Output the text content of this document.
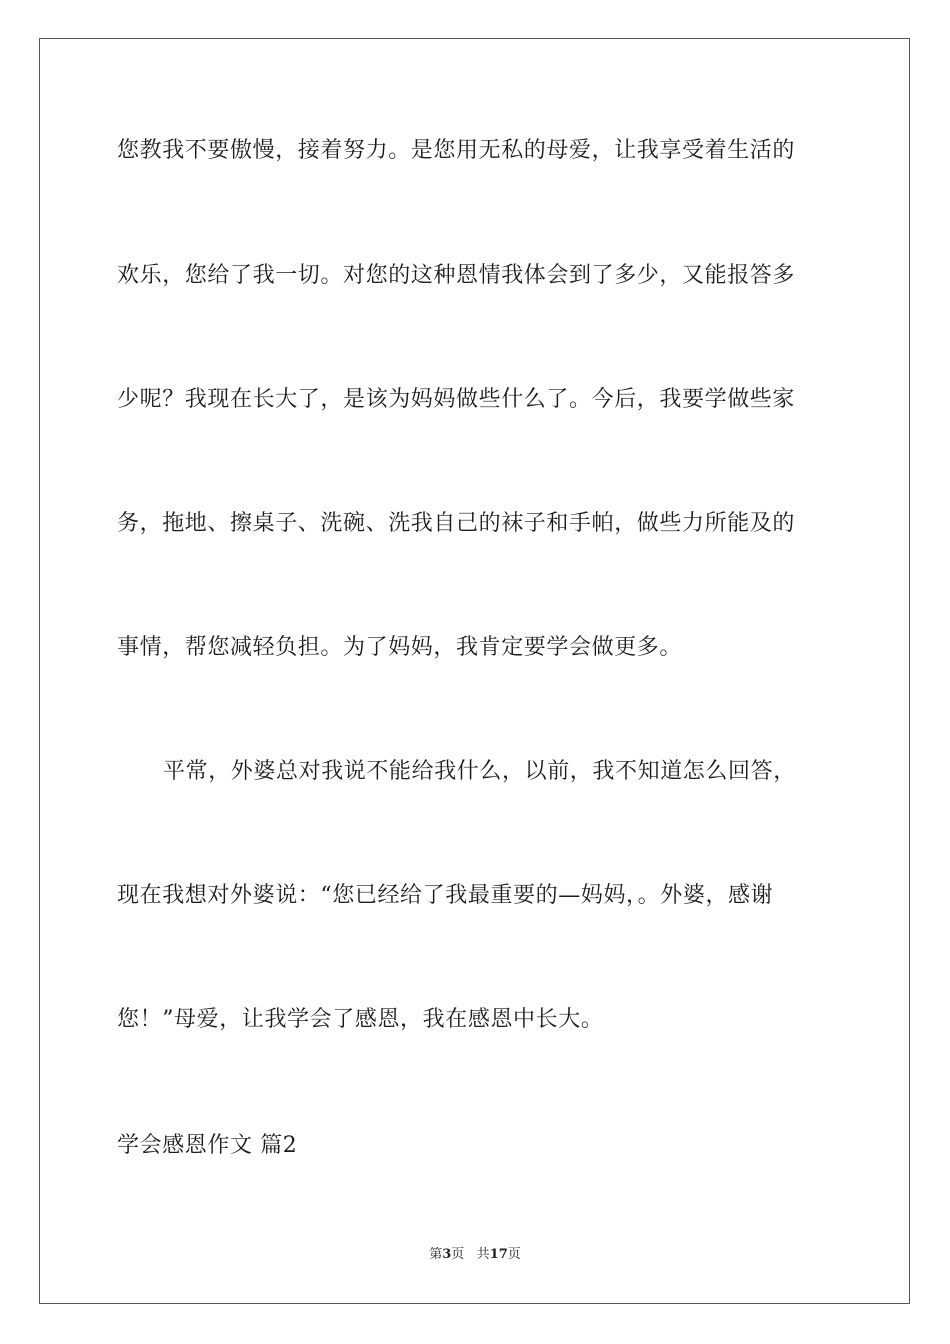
您教我不要傲慢，接着努力。是您用无私的母爱，让我享受着生活的
欢乐，您给了我一切。对您的这种恩情我体会到了多少，又能报答多
少呢？我现在长大了，是该为妈妈做些什么了。今后，我要学做些家
务，拖地、擦桌子、洗碗、洗我自己的袜子和手帕，做些力所能及的
事情，帮您减轻负担。为了妈妈，我肯定要学会做更多。
平常，外婆总对我说不能给我什么，以前，我不知道怎么回答，
现在我想对外婆说：“您已经给了我最重要的—妈妈，。外婆，感谢
您！”母爱，让我学会了感恩，我在感恩中长大。
学会感恩作文 篇2
第3页 共17页
